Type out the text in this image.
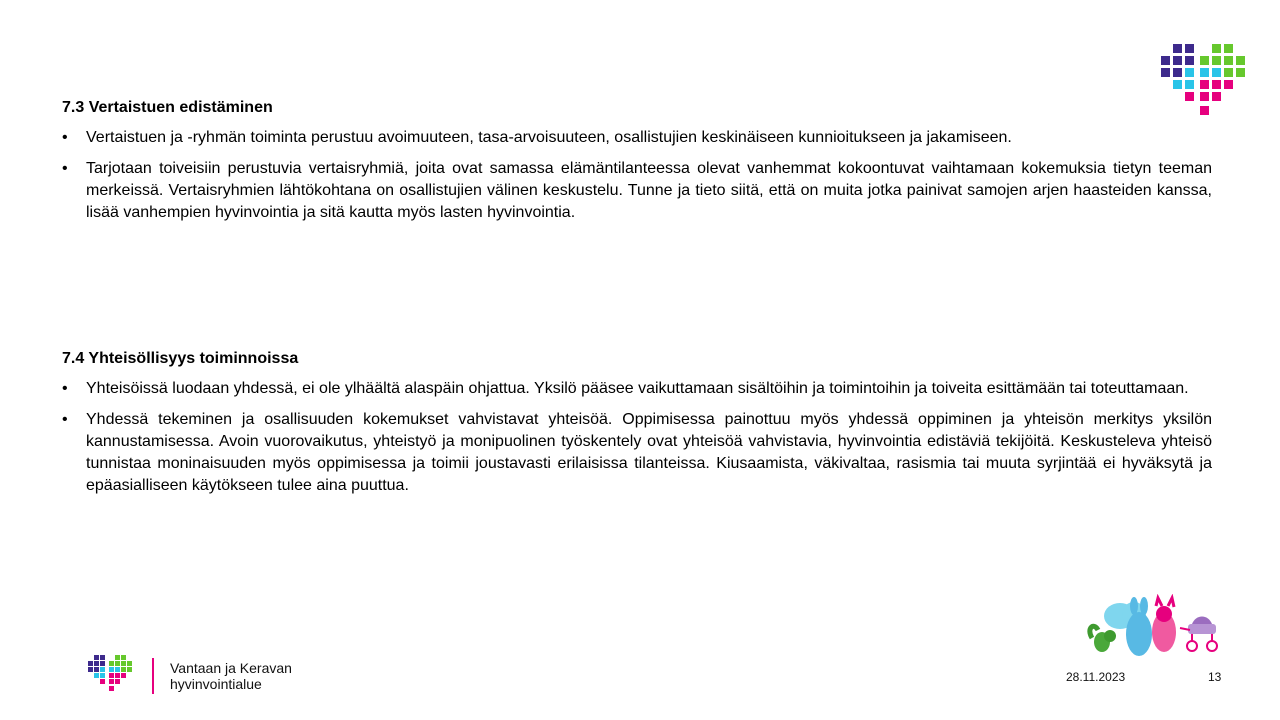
7.3 Vertaistuen edistäminen
• Vertaistuen ja -ryhmän toiminta perustuu avoimuuteen, tasa-arvoisuuteen, osallistujien keskinäiseen kunnioitukseen ja jakamiseen.
• Tarjotaan toiveisiin perustuvia vertaisryhmiä, joita ovat samassa elämäntilanteessa olevat vanhemmat kokoontuvat vaihtamaan kokemuksia tietyn teeman merkeissä. Vertaisryhmien lähtökohtana on osallistujien välinen keskustelu. Tunne ja tieto siitä, että on muita jotka painivat samojen arjen haasteiden kanssa, lisää vanhempien hyvinvointia ja sitä kautta myös lasten hyvinvointia.
7.4 Yhteisöllisyys toiminnoissa
• Yhteisöissä luodaan yhdessä, ei ole ylhäältä alaspäin ohjattua. Yksilö pääsee vaikuttamaan sisältöihin ja toimintoihin ja toiveita esittämään tai toteuttamaan.
• Yhdessä tekeminen ja osallisuuden kokemukset vahvistavat yhteisöä. Oppimisessa painottuu myös yhdessä oppiminen ja yhteisön merkitys yksilön kannustamisessa. Avoin vuorovaikutus, yhteistyö ja monipuolinen työskentely ovat yhteisöä vahvistavia, hyvinvointia edistäviä tekijöitä. Keskusteleva yhteisö tunnistaa moninaisuuden myös oppimisessa ja toimii joustavasti erilaisissa tilanteissa. Kiusaamista, väkivaltaa, rasismia tai muuta syrjintää ei hyväksytä ja epäasialliseen käytökseen tulee aina puuttua.
Vantaan ja Keravan
hyvinvointialue	28.11.2023	13
